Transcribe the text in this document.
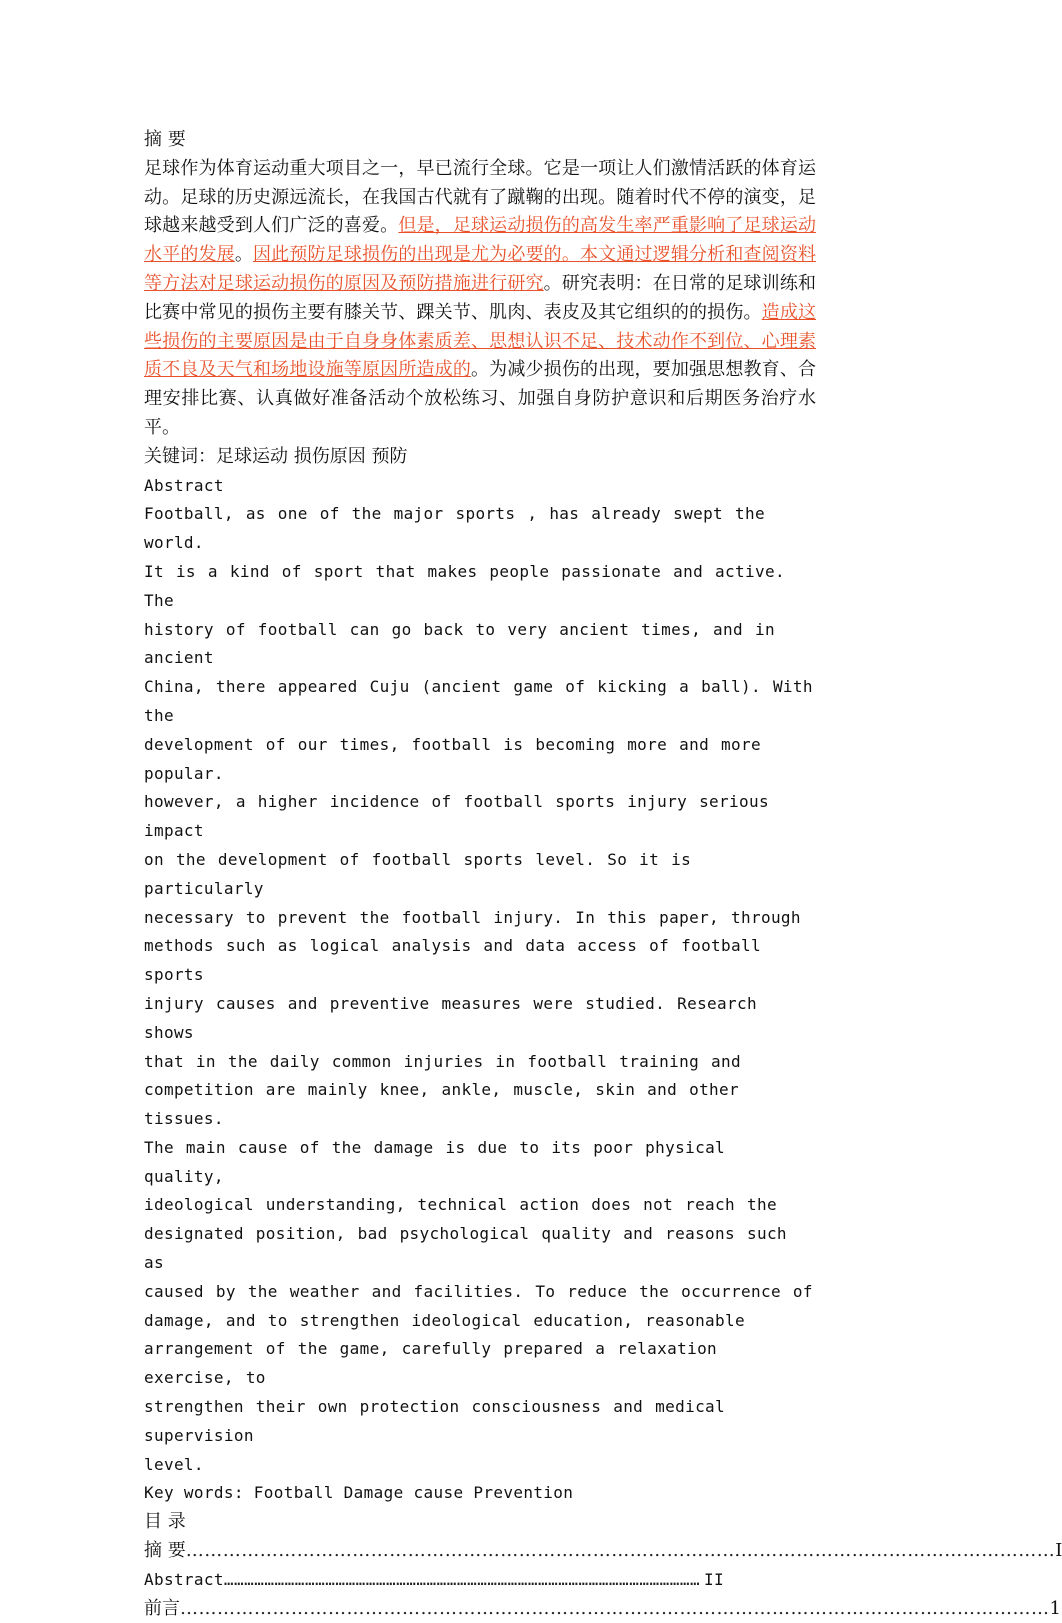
摘 要
足球作为体育运动重大项目之一，早已流行全球。它是一项让人们激情活跃的体育运动。足球的历史源远流长，在我国古代就有了蹴鞠的出现。随着时代不停的演变，足球越来越受到人们广泛的喜爱。但是，足球运动损伤的高发生率严重影响了足球运动水平的发展。因此预防足球损伤的出现是尤为必要的。本文通过逻辑分析和查阅资料等方法对足球运动损伤的原因及预防措施进行研究。研究表明：在日常的足球训练和比赛中常见的损伤主要有膝关节、踝关节、肌肉、表皮及其它组织的的损伤。造成这些损伤的主要原因是由于自身身体素质差、思想认识不足、技术动作不到位、心理素质不良及天气和场地设施等原因所造成的。为减少损伤的出现，要加强思想教育、合理安排比赛、认真做好准备活动个放松练习、加强自身防护意识和后期医务治疗水平。
关键词：足球运动 损伤原因 预防
Abstract
Football, as one of the major sports , has already swept the world.
It is a kind of sport that makes people passionate and active. The
history of football can go back to very ancient times, and in ancient
China, there appeared Cuju (ancient game of kicking a ball). With the
development of our times, football is becoming more and more popular.
however, a higher incidence of football sports injury serious impact
on the development of football sports level. So it is particularly
necessary to prevent the football injury. In this paper, through
methods such as logical analysis and data access of football sports
injury causes and preventive measures were studied. Research shows
that in the daily common injuries in football training and
competition are mainly knee, ankle, muscle, skin and other tissues.
The main cause of the damage is due to its poor physical quality,
ideological understanding, technical action does not reach the
designated position, bad psychological quality and reasons such as
caused by the weather and facilities. To reduce the occurrence of
damage, and to strengthen ideological education, reasonable
arrangement of the game, carefully prepared a relaxation exercise, to
strengthen their own protection consciousness and medical supervision
level.
Key words: Football Damage cause Prevention
目 录
摘 要 …………………………………………………………………………………………………………………………… I
Abstract …………………………………………………………………………………………………………………………… II
前言 …………………………………………………………………………………………………………………………… 1
